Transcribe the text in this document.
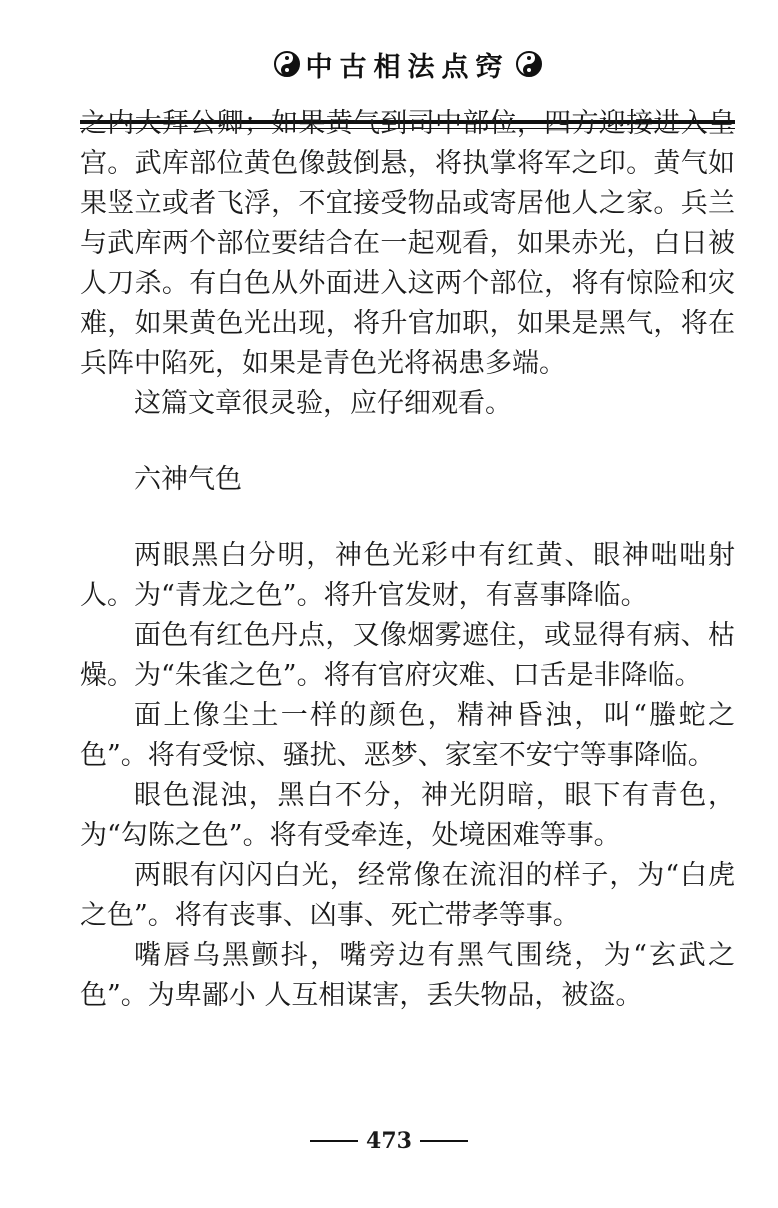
中古相法点窍

之内大拜公卿；如果黄气到司中部位，四方迎接进入皇宫。武库部位黄色像鼓倒悬，将执掌将军之印。黄气如果竖立或者飞浮，不宜接受物品或寄居他人之家。兵兰与武库两个部位要结合在一起观看，如果赤光，白日被人刀杀。有白色从外面进入这两个部位，将有惊险和灾难，如果黄色光出现，将升官加职，如果是黑气，将在兵阵中陷死，如果是青色光将祸患多端。

这篇文章很灵验，应仔细观看。

六神气色

两眼黑白分明，神色光彩中有红黄、眼神咄咄射人。为“青龙之色”。将升官发财，有喜事降临。

面色有红色丹点，又像烟雾遮住，或显得有病、枯燥。为“朱雀之色”。将有官府灾难、口舌是非降临。

面上像尘土一样的颜色，精神昏浊，叫“螣蛇之色”。将有受惊、骚扰、恶梦、家室不安宁等事降临。

眼色混浊，黑白不分，神光阴暗，眼下有青色，为“勾陈之色”。将有受牵连，处境困难等事。

两眼有闪闪白光，经常像在流泪的样子，为“白虎之色”。将有丧事、凶事、死亡带孝等事。

嘴唇乌黑颤抖，嘴旁边有黑气围绕，为“玄武之色”。为卑鄙小 人互相谋害，丢失物品，被盗。

473
